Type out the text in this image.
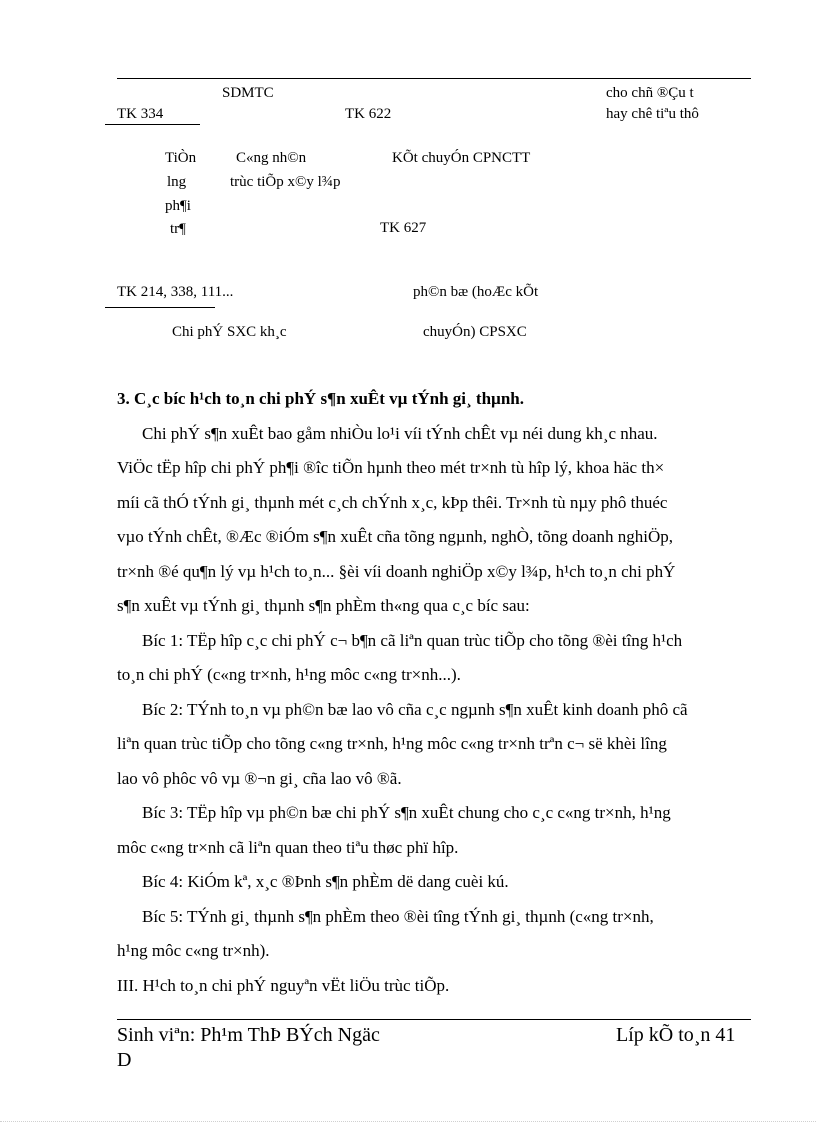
SDMTC	cho chñ ®Çu t
TK 334	TK 622	hay chê tiªu thô
TiÒn
lng
ph¶i
tr¶
C«ng nh©n
trùc tiÕp x©y l¾p
KÕt chuyÓn CPNCTT
TK 627
TK 214, 338, 111...	ph©n bæ (hoÆc kÕt
Chi phÝ SXC kh¸c	chuyÓn) CPSXC
3. C¸c bíc h¹ch to¸n chi phÝ s¶n xuÊt vµ tÝnh gi¸ thµnh.
Chi phÝ s¶n xuÊt bao gåm nhiÒu lo¹i víi tÝnh chÊt vµ néi dung kh¸c nhau.
ViÖc tËp hîp chi phÝ ph¶i ®îc tiÕn hµnh theo mét tr×nh tù hîp lý, khoa häc th×
míi cã thÓ tÝnh gi¸ thµnh mét c¸ch chÝnh x¸c, kÞp thêi. Tr×nh tù nµy phô thuéc
vµo tÝnh chÊt, ®Æc ®iÓm s¶n xuÊt cña tõng ngµnh, nghÒ, tõng doanh nghiÖp,
tr×nh ®é qu¶n lý vµ h¹ch to¸n... §èi víi doanh nghiÖp x©y l¾p, h¹ch to¸n chi phÝ
s¶n xuÊt vµ tÝnh gi¸ thµnh s¶n phÈm th«ng qua c¸c bíc sau:
Bíc 1: TËp hîp c¸c chi phÝ c¬ b¶n cã liªn quan trùc tiÕp cho tõng ®èi tîng h¹ch
to¸n chi phÝ (c«ng tr×nh, h¹ng môc c«ng tr×nh...).
Bíc 2: TÝnh to¸n vµ ph©n bæ lao vô cña c¸c ngµnh s¶n xuÊt kinh doanh phô cã
liªn quan trùc tiÕp cho tõng c«ng tr×nh, h¹ng môc c«ng tr×nh trªn c¬ së khèi lîng
lao vô phôc vô vµ ®¬n gi¸ cña lao vô ®ã.
Bíc 3: TËp hîp vµ ph©n bæ chi phÝ s¶n xuÊt chung cho c¸c c«ng tr×nh, h¹ng
môc c«ng tr×nh cã liªn quan theo tiªu thøc phï hîp.
Bíc 4: KiÓm kª, x¸c ®Þnh s¶n phÈm dë dang cuèi kú.
Bíc 5: TÝnh gi¸ thµnh s¶n phÈm theo ®èi tîng tÝnh gi¸ thµnh (c«ng tr×nh,
h¹ng môc c«ng tr×nh).
III. H¹ch to¸n chi phÝ nguyªn vËt liÖu trùc tiÕp.
Sinh viªn: Ph¹m ThÞ BÝch Ngäc
D
Líp kÕ to¸n 41
